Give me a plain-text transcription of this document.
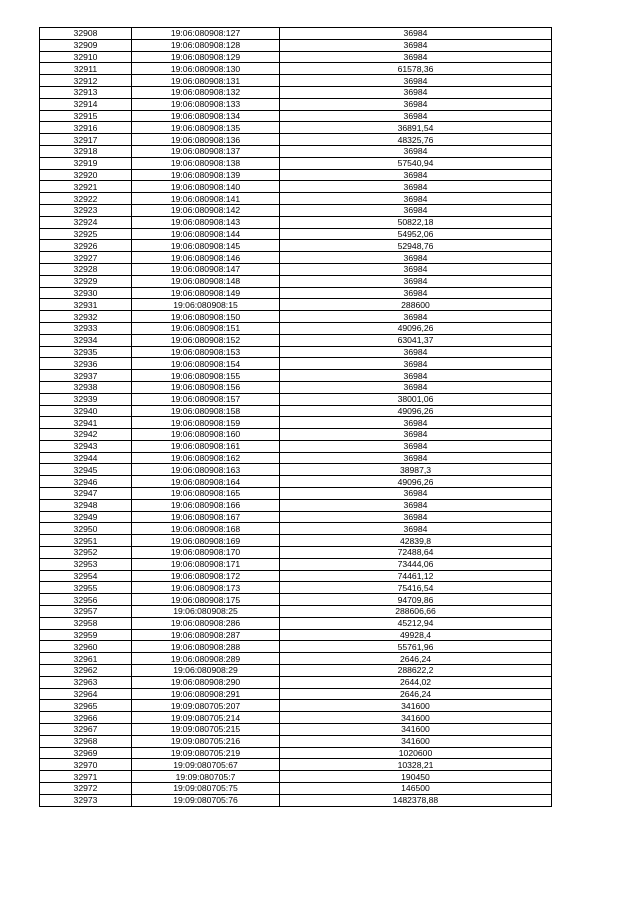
32908	19:06:080908:127	36984
32909	19:06:080908:128	36984
32910	19:06:080908:129	36984
32911	19:06:080908:130	61578,36
32912	19:06:080908:131	36984
32913	19:06:080908:132	36984
32914	19:06:080908:133	36984
32915	19:06:080908:134	36984
32916	19:06:080908:135	36891,54
32917	19:06:080908:136	48325,76
32918	19:06:080908:137	36984
32919	19:06:080908:138	57540,94
32920	19:06:080908:139	36984
32921	19:06:080908:140	36984
32922	19:06:080908:141	36984
32923	19:06:080908:142	36984
32924	19:06:080908:143	50822,18
32925	19:06:080908:144	54952,06
32926	19:06:080908:145	52948,76
32927	19:06:080908:146	36984
32928	19:06:080908:147	36984
32929	19:06:080908:148	36984
32930	19:06:080908:149	36984
32931	19:06:080908:15	288600
32932	19:06:080908:150	36984
32933	19:06:080908:151	49096,26
32934	19:06:080908:152	63041,37
32935	19:06:080908:153	36984
32936	19:06:080908:154	36984
32937	19:06:080908:155	36984
32938	19:06:080908:156	36984
32939	19:06:080908:157	38001,06
32940	19:06:080908:158	49096,26
32941	19:06:080908:159	36984
32942	19:06:080908:160	36984
32943	19:06:080908:161	36984
32944	19:06:080908:162	36984
32945	19:06:080908:163	38987,3
32946	19:06:080908:164	49096,26
32947	19:06:080908:165	36984
32948	19:06:080908:166	36984
32949	19:06:080908:167	36984
32950	19:06:080908:168	36984
32951	19:06:080908:169	42839,8
32952	19:06:080908:170	72488,64
32953	19:06:080908:171	73444,06
32954	19:06:080908:172	74461,12
32955	19:06:080908:173	75416,54
32956	19:06:080908:175	94709,86
32957	19:06:080908:25	288606,66
32958	19:06:080908:286	45212,94
32959	19:06:080908:287	49928,4
32960	19:06:080908:288	55761,96
32961	19:06:080908:289	2646,24
32962	19:06:080908:29	288622,2
32963	19:06:080908:290	2644,02
32964	19:06:080908:291	2646,24
32965	19:09:080705:207	341600
32966	19:09:080705:214	341600
32967	19:09:080705:215	341600
32968	19:09:080705:216	341600
32969	19:09:080705:219	1020600
32970	19:09:080705:67	10328,21
32971	19:09:080705:7	190450
32972	19:09:080705:75	146500
32973	19:09:080705:76	1482378,88
